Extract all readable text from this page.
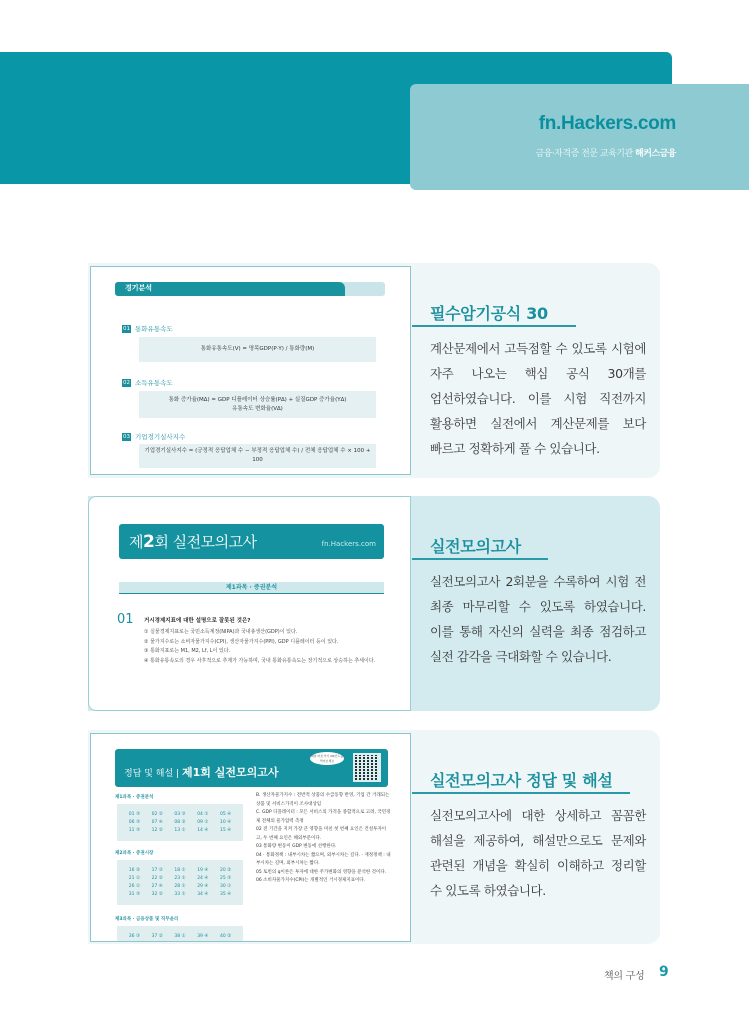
fn.Hackers.com
금융·자격증 전문 교육기관 해커스금융
경기분석
01 통화유통속도
통화유통속도(V) = 명목GDP(P·Y) / 통화량(M)
02 소득유통속도
통화 증가율(M∆) = GDP 디플레이터 상승률(P∆) + 실질GDP 증가율(Y∆)
유통속도 변화율(V∆)
03 기업경기실사지수
기업경기실사지수 = (긍정적 응답업체 수 − 부정적 응답업체 수) / 전체 응답업체 수 × 100 + 100
필수암기공식 30
계산문제에서 고득점할 수 있도록 시험에 자주 나오는 핵심 공식 30개를 엄선하였습니다. 이를 시험 직전까지 활용하면 실전에서 계산문제를 보다 빠르고 정확하게 풀 수 있습니다.
제2회 실전모의고사	fn.Hackers.com
제1과목 · 증권분석
01 거시경제지표에 대한 설명으로 잘못된 것은?
① 실물경제지표로는 국민소득계정(NIPA)과 국내총생산(GDP)이 있다.
② 물가지수로는 소비자물가지수(CPI), 생산자물가지수(PPI), GDP 디플레이터 등이 있다.
③ 통화지표로는 M1, M2, Lf, L이 있다.
④ 통화유통속도의 경우 사후적으로 추계가 가능하며, 국내 통화유통속도는 장기적으로 상승하는 추세이다.
실전모의고사
실전모의고사 2회분을 수록하여 시험 전 최종 마무리할 수 있도록 하였습니다. 이를 통해 자신의 실력을 최종 점검하고 실전 감각을 극대화할 수 있습니다.
정답 및 해설 | 제1회 실전모의고사
해설 바로가기 QR코드를 찍어보세요
제1과목 · 증권분석
01 ③	02 ②	03 ③	04 ①	05 ④
06 ③	07 ④	08 ②	09 ①	10 ④
11 ③	12 ②	13 ①	14 ④	15 ④
제2과목 · 증권시장
16 ②	17 ③	18 ①	19 ④	20 ②
21 ①	22 ②	23 ①	24 ④	25 ③
26 ①	27 ④	28 ①	29 ④	30 ①
31 ③	32 ②	33 ①	34 ④	35 ④
제3과목 · 금융상품 및 직무윤리
36 ③	37 ②	38 ①	39 ④	40 ②
B. 생산자물가지수 : 전반적 상품의 수급동향 반영, 기업 간 거래되는 상품 및 서비스가격이 조사대상임
C. GDP 디플레이터 : 모든 서비스의 가격을 종합적으로 고려, 국민경제 전체의 물가압력 측정
02 전 기간을 지켜 가장 큰 영향을 미친 첫 번째 요인은 건설투자이고, 두 번째 요인은 해외부문이다.
03 통화량 변동이 GDP 변동에 선행한다.
04 · 통화정책 : 내부시차는 짧으며, 외부시차는 길다. · 재정정책 : 내부시차는 길며, 외부시차는 짧다.
05 토빈의 q이론은 투자에 대한 주가변화의 영향을 분석한 것이다.
06 소비자물가지수(CPI)는 개별적인 거시경제지표이다.
실전모의고사 정답 및 해설
실전모의고사에 대한 상세하고 꼼꼼한 해설을 제공하여, 해설만으로도 문제와 관련된 개념을 확실히 이해하고 정리할 수 있도록 하였습니다.
책의 구성 9
